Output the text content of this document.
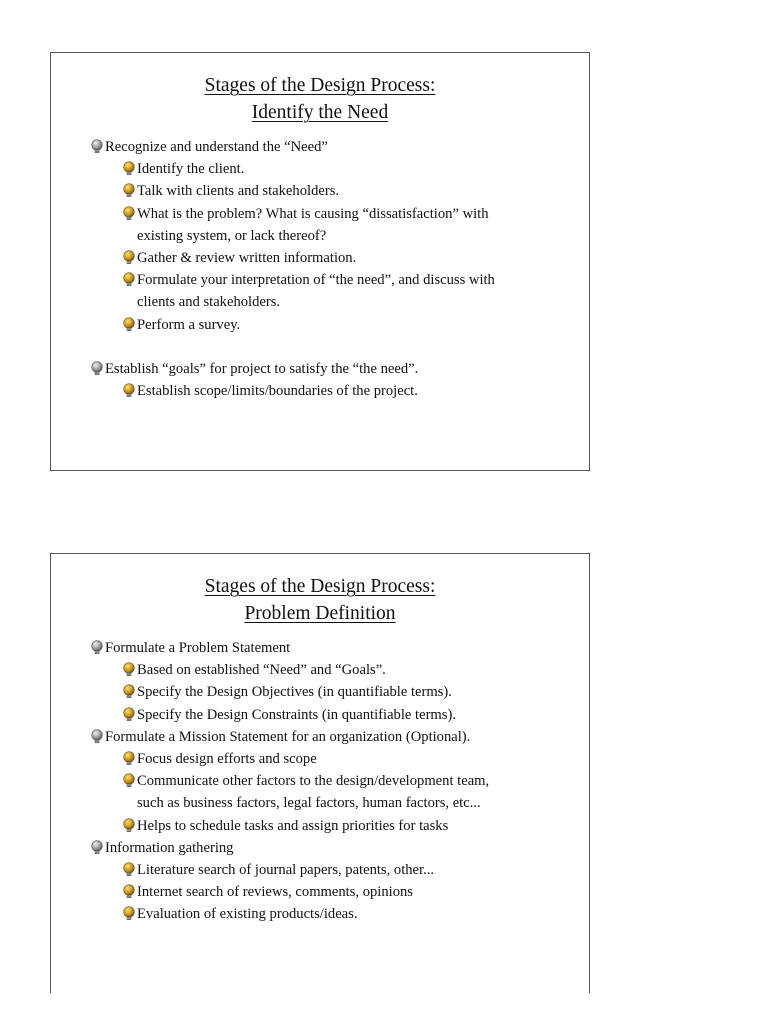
Stages of the Design Process:
Identify the Need
Recognize and understand the “Need”
Identify the client.
Talk with clients and stakeholders.
What is the problem? What is causing “dissatisfaction” with
existing system, or lack thereof?
Gather & review written information.
Formulate your interpretation of “the need”, and discuss with
clients and stakeholders.
Perform a survey.
Establish “goals” for project to satisfy the “the need”.
Establish scope/limits/boundaries of the project.
Stages of the Design Process:
Problem Definition
Formulate a Problem Statement
Based on established “Need” and “Goals”.
Specify the Design Objectives (in quantifiable terms).
Specify the Design Constraints (in quantifiable terms).
Formulate a Mission Statement for an organization (Optional).
Focus design efforts and scope
Communicate other factors to the design/development team,
such as business factors, legal factors, human factors, etc...
Helps to schedule tasks and assign priorities for tasks
Information gathering
Literature search of journal papers, patents, other...
Internet search of reviews, comments, opinions
Evaluation of existing products/ideas.
